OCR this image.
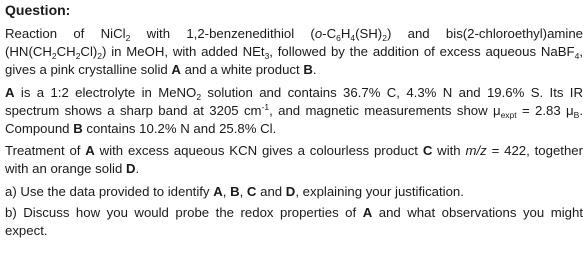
Question:

Reaction of NiCl$_2$ with 1,2-benzenedithiol $(o-C_6H_4(SH)_2)$ and bis(2-chloroethyl)amine $(HN(CH_2CH_2Cl)_2)$ in MeOH, with added NEt$_3$, followed by the addition of excess aqueous NaBF$_4$, gives a pink crystalline solid A and a white product B.

A is a 1:2 electrolyte in MeNO$_2$ solution and contains 36.7% C, 4.3% N and 19.6% S. Its IR spectrum shows a sharp band at 3205 $cm^{-1}$, and magnetic measurements show $\mu_{expt} = 2.83$ $\mu_B$. Compound B contains 10.2% N and 25.8% Cl.

Treatment of A with excess aqueous KCN gives a colourless product C with m/z = 422, together with an orange solid D.

a) Use the data provided to identify A, B, C and D, explaining your justification.

b) Discuss how you would probe the redox properties of A and what observations you might expect.
